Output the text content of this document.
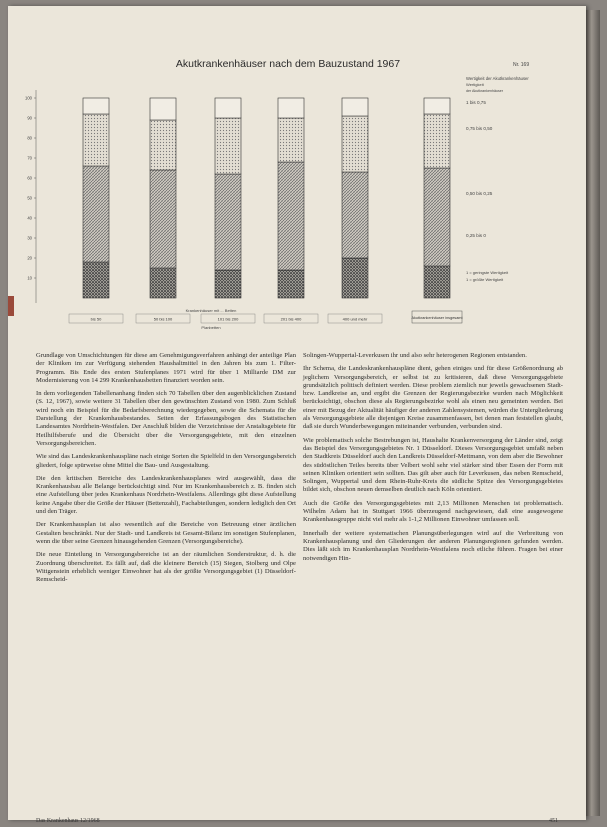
Akutkrankenhäuser nach dem Bauzustand 1967	Nr. 169
100
90
80
70
60
50
40
30
20
10
bis 50	50 bis 100	101 bis 200	201 bis 400	400 und mehr
Krankenhäuser mit ... Betten
Planbetten
Akutkrankenhäuser insgesamt
Wertigkeit
der Akutkrankenhäuser
Wertigkeit der Akutkrankenhäuser
1 bis 0,75
0,75 bis 0,50
0,50 bis 0,25
0,25 bis 0
1 = geringste Wertigkeit
1 = größte Wertigkeit

Grundlage von Umschichtungen für diese am Genehmigungsverfahren anhängt der anteilige Plan der Kliniken im zur Verfügung stehenden Haushaltmittel in den Jahren bis zum 1. Filter-Programm. Bis Ende des ersten Stufenplanes 1971 wird für über 1 Milliarde DM zur Modernisierung von 14 299 Krankenhausbetten finanziert worden sein.

In dem vorliegenden Tabellenanhang finden sich 70 Tabellen über den augenblicklichen Zustand (S. 12, 1967), sowie weitere 31 Tabellen über den gewünschten Zustand von 1980. Zum Schluß wird noch ein Beispiel für die Bedarfsberechnung wiedergegeben, sowie die Schemata für die Darstellung der Krankenhausbestandes. Seiten der Erfassungsbogen des Statistischen Landesamtes Nordrhein-Westfalen. Der Anschluß bilden die Verzeichnisse der Anstaltsgebiete für Heilhilfsberufe und die Übersicht über die Versorgungsgebiete, mit den einzelnen Versorgungsbereichen.

Wie sind das Landeskrankenhauspläne nach einige Sorten die Spielfeld in den Versorgungsbereich gliedert, folge spürweise ohne Mittel die Bau- und Ausgestaltung.

Die den kritischen Bereiche des Landeskrankenhausplanes wird ausgewählt, dass die Krankenhausbau alle Belange berücksichtigt sind. Nur im Krankenhausbereich z. B. finden sich eine Aufstellung über jedes Krankenhaus Nordrhein-Westfalens. Allerdings gibt diese Aufstellung keine Angabe über die Größe der Häuser (Bettenzahl), Fachabteilungen, sondern lediglich den Ort und den Träger.

Der Krankenhausplan ist also wesentlich auf die Bereiche von Betreuung einer ärztlichen Gestalten beschränkt. Nur der Stadt- und Landkreis ist Gesamt-Bilanz im sonstigen Stufenplanen, wenn die über seine Grenzen hinausgehenden Grenzen (Versorgungsbereiche).

Die neue Einteilung in Versorgungsbereiche ist an der räumlichen Sonderstruktur, d. h. die Zuordnung überschreitet. Es fällt auf, daß die kleinere Bereich (15) Siegen, Stolberg und Olpe Wittgenstein erheblich weniger Einwohner hat als der größte Versorgungsgebiet (1) Düsseldorf-Remscheid-

Solingen-Wuppertal-Leverkusen ihr und also sehr heterogenen Regionen entstanden.

Ihr Schema, die Landeskrankenhauspläne dient, gehen einiges und für diese Größenordnung ab jeglichem Versorgungsbereich, er selbst ist zu kritisieren, daß diese Versorgungsgebiete grundsätzlich politisch definiert werden. Diese problem ziemlich nur jeweils gewachsenen Stadt- bzw. Landkreise an, und ergibt die Grenzen der Regierungsbezirke wurden nach Möglichkeit berücksichtigt, obschon diese als Regierungsbezirke wohl als einen neu gemeinten werden. Bei einer mit Bezug der Aktualität häufiger der anderen Zahlensystemen, würden die Untergliederung als Versorgungsgebiete alle diejenigen Kreise zusammenfassen, bei denen man feststellen glaubt, daß sie durch Wunderbewegungen miteinander verbunden, verbunden sind.

Wie problematisch solche Bestrebungen ist, Haushalte Krankenversorgung der Länder sind, zeigt das Beispiel des Versorgungsgebietes Nr. 1 Düsseldorf. Dieses Versorgungsgebiet umfaßt neben den Stadtkreis Düsseldorf auch den Landkreis Düsseldorf-Mettmann, von dem aber die Bewohner des südöstlichen Teiles bereits über Velbert wohl sehr viel stärker sind über Essen der Form mit seinen Kliniken orientiert sein sollten. Das gilt aber auch für Leverkusen, das neben Remscheid, Solingen, Wuppertal und dem Rhein-Ruhr-Kreis die südliche Spitze des Versorgungsgebietes bildet sich, obschon neuen demselben deutlich nach Köln orientiert.

Auch die Größe des Versorgungsgebietes mit 2,13 Millionen Menschen ist problematisch. Wilhelm Adam hat in Stuttgart 1966 überzeugend nachgewiesen, daß eine ausgewogene Krankenhausgruppe nicht viel mehr als 1-1,2 Millionen Einwohner umfassen soll.

Innerhalb der weitere systematischen Planungsüberlegungen wird auf die Verbreitung von Krankenhausplanung und den Gliederungen der anderen Planungsregionen gefunden werden. Dies läßt sich im Krankenhausplan Nordrhein-Westfalens noch etliche führen. Fragen bei einer notwendigen Hin-

Das Krankenhaus 12/1968	451
